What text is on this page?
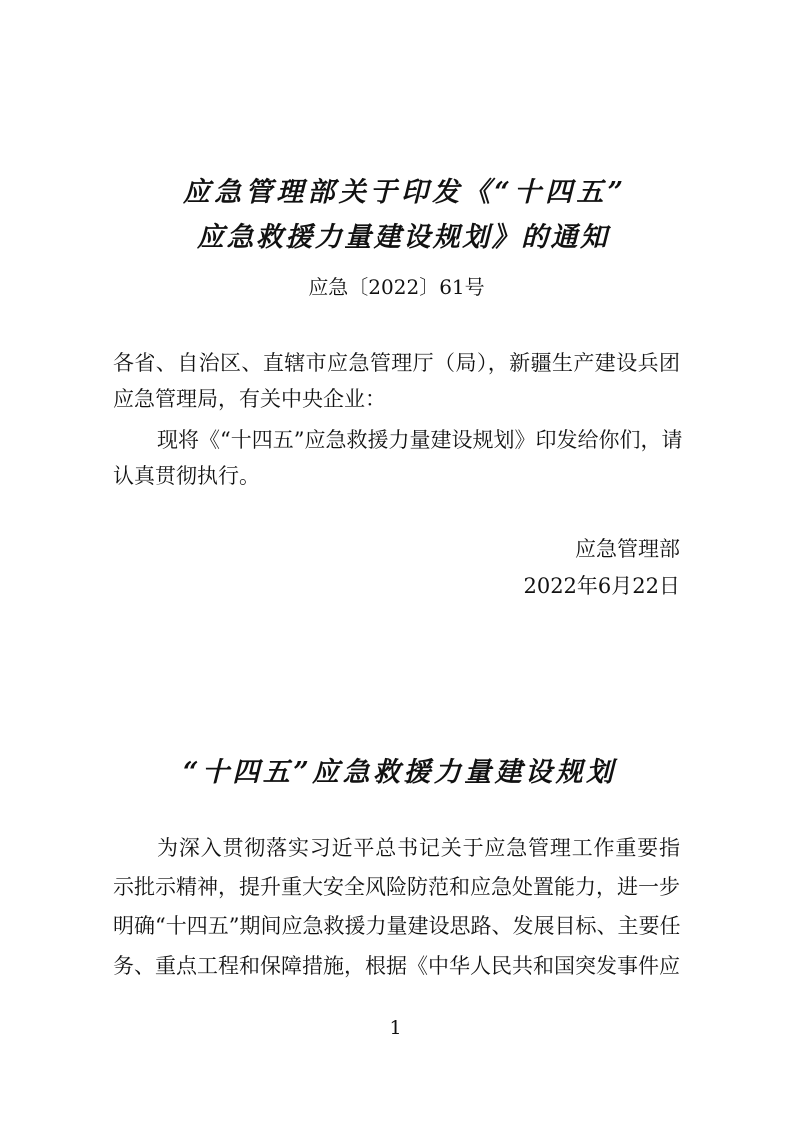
应急管理部关于印发《“十四五”
应急救援力量建设规划》的通知
应急〔2022〕61号
各省、自治区、直辖市应急管理厅（局），新疆生产建设兵团
应急管理局，有关中央企业：
现将《“十四五”应急救援力量建设规划》印发给你们，请
认真贯彻执行。
应急管理部
2022年6月22日
“十四五”应急救援力量建设规划
为深入贯彻落实习近平总书记关于应急管理工作重要指
示批示精神，提升重大安全风险防范和应急处置能力，进一步
明确“十四五”期间应急救援力量建设思路、发展目标、主要任
务、重点工程和保障措施，根据《中华人民共和国突发事件应
1
